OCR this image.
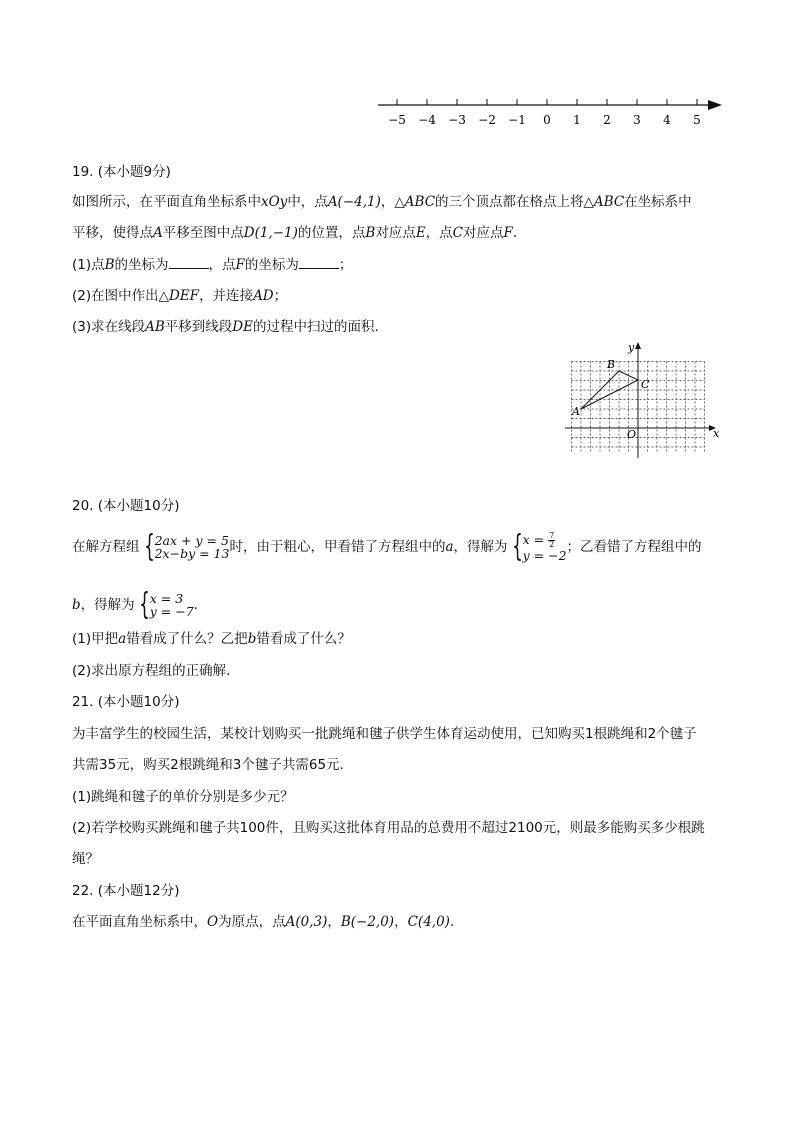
−5 −4 −3 −2 −1 0 1 2 3 4 5
19. (本小题9分)
如图所示，在平面直角坐标系中xOy中，点A(−4,1)，△ABC的三个顶点都在格点上将△ABC在坐标系中
平移，使得点A平移至图中点D(1,−1)的位置，点B对应点E，点C对应点F.
(1)点B的坐标为	，点F的坐标为	；
(2)在图中作出△DEF，并连接AD；
(3)求在线段AB平移到线段DE的过程中扫过的面积.
x
y
O
A
B
C
20. (本小题10分)
在解方程组 {2ax + y = 5
2x−by = 13时，由于粗心，甲看错了方程组中的a，得解为 {$x = \frac{7}{2}$

y = −2；乙看错了方程组中的
b，得解为 {x = 3
y = −7.
(1)甲把a错看成了什么？乙把b错看成了什么？
(2)求出原方程组的正确解.
21. (本小题10分)
为丰富学生的校园生活，某校计划购买一批跳绳和毽子供学生体育运动使用，已知购买1根跳绳和2个毽子
共需35元，购买2根跳绳和3个毽子共需65元.
(1)跳绳和毽子的单价分别是多少元？
(2)若学校购买跳绳和毽子共100件，且购买这批体育用品的总费用不超过2100元，则最多能购买多少根跳
绳？
22. (本小题12分)
在平面直角坐标系中，O为原点，点A(0,3)，B(−2,0)，C(4,0).
